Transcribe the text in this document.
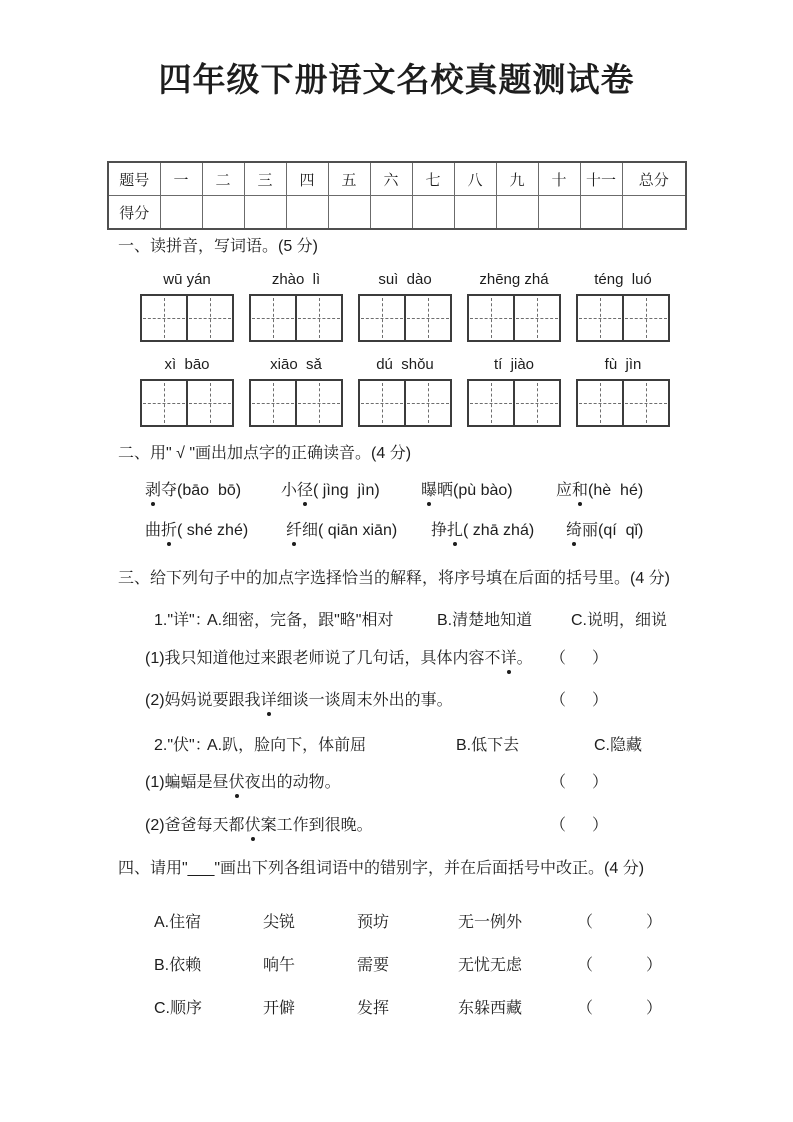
四年级下册语文名校真题测试卷
题号	一	二	三	四	五	六	七	八	九	十	十一	总分
得分												
一、读拼音，写词语。(5 分)
wū yán	zhào  lì	suì  dào	zhēng zhá	téng  luó
xì  bāo	xiāo  sǎ	dú  shǒu	tí  jiào	fù  jìn
二、用" √ "画出加点字的正确读音。(4 分)
剥夺(bāo  bō) 小径( jìng  jìn)	曝晒(pù bào)	应和(hè  hé)
曲折( shé zhé) 纤细( qiān xiān) 挣扎( zhā zhá) 绮丽(qí  qǐ)
三、给下列句子中的加点字选择恰当的解释，将序号填在后面的括号里。(4 分)
1."详"：
A.细密，完备，跟"略"相对	B.清楚地知道 C.说明，细说
(1)我只知道他过来跟老师说了几句话，具体内容不详。 （ ）
(2)妈妈说要跟我详细谈一谈周末外出的事。	（ ）
2."伏"：
A.趴，脸向下，体前屈	B.低下去	C.隐藏
(1)蝙蝠是昼伏夜出的动物。	（ ）
(2)爸爸每天都伏案工作到很晚。	（ ）
四、请用"___"画出下列各组词语中的错别字，并在后面括号中改正。(4 分)
A.住宿	尖锐	预坊	无一例外	（	）
B.依赖	响午	需要	无忧无虑	（	）
C.顺序	开僻	发挥	东躲西藏	（	）
